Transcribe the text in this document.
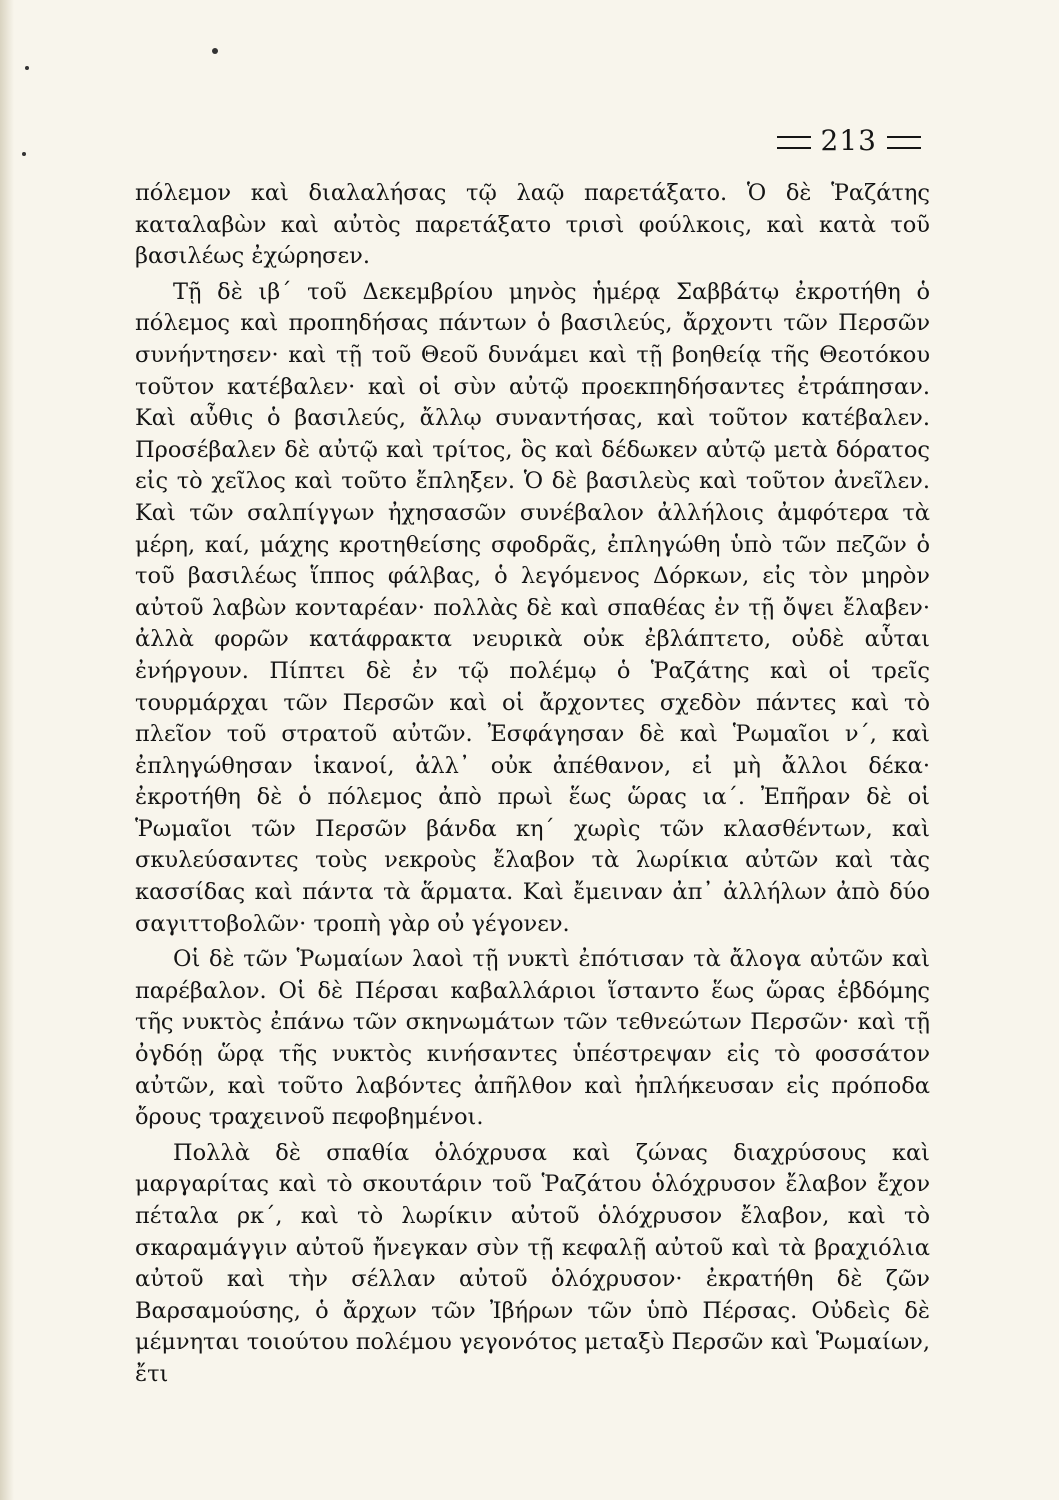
213

πόλεμον καὶ διαλαλήσας τῷ λαῷ παρετάξατο. Ὁ δὲ Ῥαζάτης καταλαβὼν καὶ αὐτὸς παρετάξατο τρισὶ φούλκοις, καὶ κατὰ τοῦ βασιλέως ἐχώρησεν.

Τῇ δὲ ιβ´ τοῦ Δεκεμβρίου μηνὸς ἡμέρᾳ Σαββάτῳ ἐκροτήθη ὁ πόλεμος καὶ προπηδήσας πάντων ὁ βασιλεύς, ἄρχοντι τῶν Περσῶν συνήντησεν· καὶ τῇ τοῦ Θεοῦ δυνάμει καὶ τῇ βοηθείᾳ τῆς Θεοτόκου τοῦτον κατέβαλεν· καὶ οἱ σὺν αὐτῷ προεκπηδήσαντες ἐτράπησαν. Καὶ αὖθις ὁ βασιλεύς, ἄλλῳ συναντήσας, καὶ τοῦτον κατέβαλεν. Προσέβαλεν δὲ αὐτῷ καὶ τρίτος, ὃς καὶ δέδωκεν αὐτῷ μετὰ δόρατος εἰς τὸ χεῖλος καὶ τοῦτο ἔπληξεν. Ὁ δὲ βασιλεὺς καὶ τοῦτον ἀνεῖλεν. Καὶ τῶν σαλπίγγων ἠχησασῶν συνέβαλον ἀλλήλοις ἀμφότερα τὰ μέρη, καί, μάχης κροτηθείσης σφοδρᾶς, ἐπληγώθη ὑπὸ τῶν πεζῶν ὁ τοῦ βασιλέως ἵππος φάλβας, ὁ λεγόμενος Δόρκων, εἰς τὸν μηρὸν αὐτοῦ λαβὼν κονταρέαν· πολλὰς δὲ καὶ σπαθέας ἐν τῇ ὄψει ἔλαβεν· ἀλλὰ φορῶν κατάφρακτα νευρικὰ οὐκ ἐβλάπτετο, οὐδὲ αὗται ἐνήργουν. Πίπτει δὲ ἐν τῷ πολέμῳ ὁ Ῥαζάτης καὶ οἱ τρεῖς τουρμάρχαι τῶν Περσῶν καὶ οἱ ἄρχοντες σχεδὸν πάντες καὶ τὸ πλεῖον τοῦ στρατοῦ αὐτῶν. Ἐσφάγησαν δὲ καὶ Ῥωμαῖοι ν´, καὶ ἐπληγώθησαν ἱκανοί, ἀλλ᾿ οὐκ ἀπέθανον, εἰ μὴ ἄλλοι δέκα· ἐκροτήθη δὲ ὁ πόλεμος ἀπὸ πρωὶ ἕως ὥρας ια´. Ἐπῆραν δὲ οἱ Ῥωμαῖοι τῶν Περσῶν βάνδα κη´ χωρὶς τῶν κλασθέντων, καὶ σκυλεύσαντες τοὺς νεκροὺς ἔλαβον τὰ λωρίκια αὐτῶν καὶ τὰς κασσίδας καὶ πάντα τὰ ἅρματα. Καὶ ἔμειναν ἀπ᾿ ἀλλήλων ἀπὸ δύο σαγιττοβολῶν· τροπὴ γὰρ οὐ γέγονεν.

Οἱ δὲ τῶν Ῥωμαίων λαοὶ τῇ νυκτὶ ἐπότισαν τὰ ἄλογα αὐτῶν καὶ παρέβαλον. Οἱ δὲ Πέρσαι καβαλλάριοι ἵσταντο ἕως ὥρας ἑβδόμης τῆς νυκτὸς ἐπάνω τῶν σκηνωμάτων τῶν τεθνεώτων Περσῶν· καὶ τῇ ὀγδόῃ ὥρᾳ τῆς νυκτὸς κινήσαντες ὑπέστρεψαν εἰς τὸ φοσσάτον αὐτῶν, καὶ τοῦτο λαβόντες ἀπῆλθον καὶ ἠπλήκευσαν εἰς πρόποδα ὄρους τραχεινοῦ πεφοβημένοι.

Πολλὰ δὲ σπαθία ὁλόχρυσα καὶ ζώνας διαχρύσους καὶ μαργαρίτας καὶ τὸ σκουτάριν τοῦ Ῥαζάτου ὁλόχρυσον ἔλαβον ἔχον πέταλα ρκ´, καὶ τὸ λωρίκιν αὐτοῦ ὁλόχρυσον ἔλαβον, καὶ τὸ σκαραμάγγιν αὐτοῦ ἤνεγκαν σὺν τῇ κεφαλῇ αὐτοῦ καὶ τὰ βραχιόλια αὐτοῦ καὶ τὴν σέλλαν αὐτοῦ ὁλόχρυσον· ἐκρατήθη δὲ ζῶν Βαρσαμούσης, ὁ ἄρχων τῶν Ἰβήρων τῶν ὑπὸ Πέρσας. Οὐδεὶς δὲ μέμνηται τοιούτου πολέμου γεγονότος μεταξὺ Περσῶν καὶ Ῥωμαίων, ἔτι
